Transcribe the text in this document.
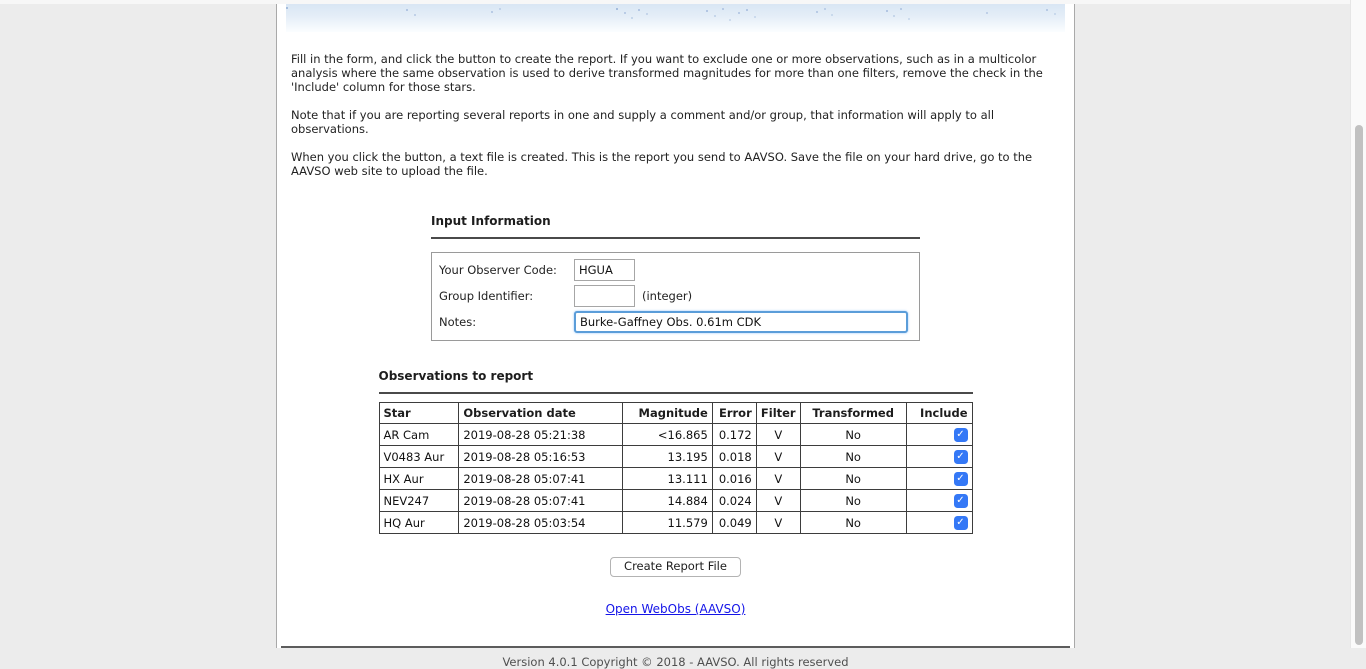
Fill in the form, and click the button to create the report. If you want to exclude one or more observations, such as in a multicolor analysis where the same observation is used to derive transformed magnitudes for more than one filters, remove the check in the 'Include' column for those stars.

Note that if you are reporting several reports in one and supply a comment and/or group, that information will apply to all observations.

When you click the button, a text file is created. This is the report you send to AAVSO. Save the file on your hard drive, go to the AAVSO web site to upload the file.

Input Information
Your Observer Code:
HGUA
Group Identifier:	(integer)
Notes:
Burke-Gaffney Obs. 0.61m CDK
Observations to report
Star	Observation date	Magnitude	Error	Filter	Transformed	Include
AR Cam	2019-08-28 05:21:38	<16.865	0.172	V	No	✓
V0483 Aur	2019-08-28 05:16:53	13.195	0.018	V	No	✓
HX Aur	2019-08-28 05:07:41	13.111	0.016	V	No	✓
NEV247	2019-08-28 05:07:41	14.884	0.024	V	No	✓
HQ Aur	2019-08-28 05:03:54	11.579	0.049	V	No	✓
Create Report File
Open WebObs (AAVSO)
Version 4.0.1 Copyright © 2018 - AAVSO. All rights reserved
